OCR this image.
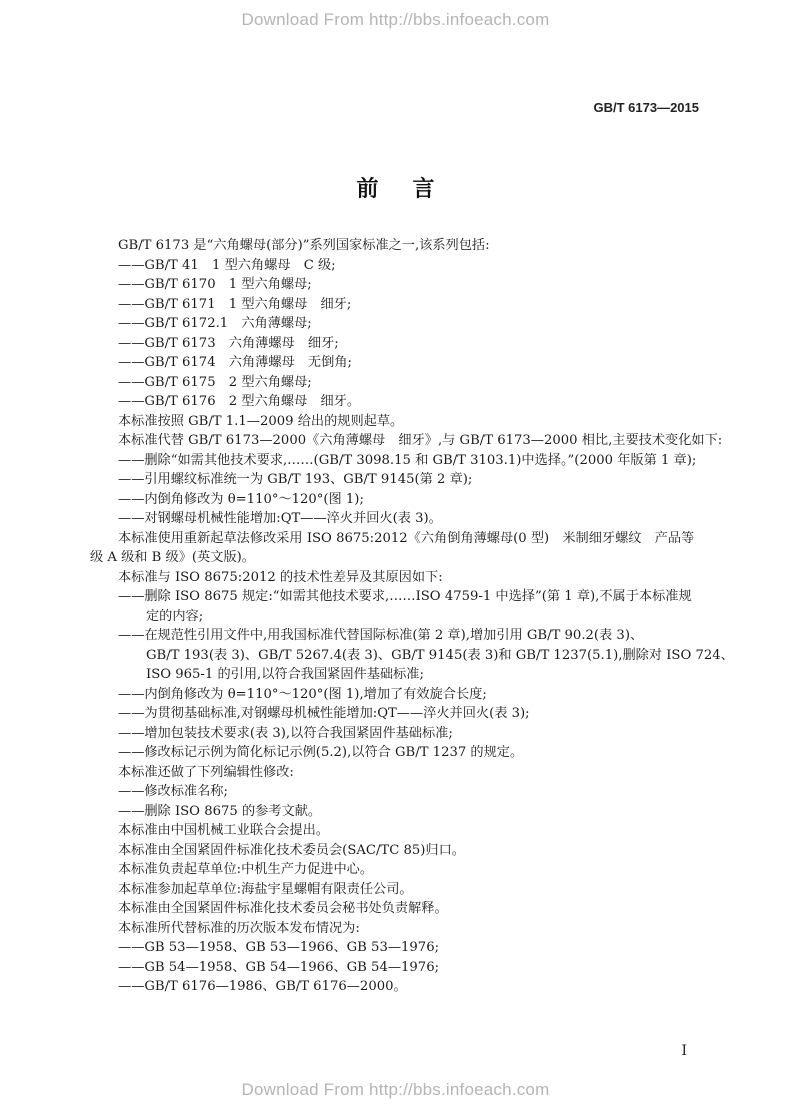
Download From http://bbs.infoeach.com
GB/T 6173—2015
前言
GB/T 6173 是“六角螺母(部分)”系列国家标准之一,该系列包括:
——GB/T 41　1 型六角螺母　C 级;
——GB/T 6170　1 型六角螺母;
——GB/T 6171　1 型六角螺母　细牙;
——GB/T 6172.1　六角薄螺母;
——GB/T 6173　六角薄螺母　细牙;
——GB/T 6174　六角薄螺母　无倒角;
——GB/T 6175　2 型六角螺母;
——GB/T 6176　2 型六角螺母　细牙。
本标准按照 GB/T 1.1—2009 给出的规则起草。
本标准代替 GB/T 6173—2000《六角薄螺母　细牙》,与 GB/T 6173—2000 相比,主要技术变化如下:
——删除“如需其他技术要求,……(GB/T 3098.15 和 GB/T 3103.1)中选择。”(2000 年版第 1 章);
——引用螺纹标准统一为 GB/T 193、GB/T 9145(第 2 章);
——内倒角修改为 θ=110°～120°(图 1);
——对钢螺母机械性能增加:QT——淬火并回火(表 3)。
本标准使用重新起草法修改采用 ISO 8675:2012《六角倒角薄螺母(0 型)　米制细牙螺纹　产品等
级 A 级和 B 级》(英文版)。
本标准与 ISO 8675:2012 的技术性差异及其原因如下:
——删除 ISO 8675 规定:“如需其他技术要求,……ISO 4759-1 中选择”(第 1 章),不属于本标准规
定的内容;
——在规范性引用文件中,用我国标准代替国际标准(第 2 章),增加引用 GB/T 90.2(表 3)、
GB/T 193(表 3)、GB/T 5267.4(表 3)、GB/T 9145(表 3)和 GB/T 1237(5.1),删除对 ISO 724、
ISO 965-1 的引用,以符合我国紧固件基础标准;
——内倒角修改为 θ=110°～120°(图 1),增加了有效旋合长度;
——为贯彻基础标准,对钢螺母机械性能增加:QT——淬火并回火(表 3);
——增加包装技术要求(表 3),以符合我国紧固件基础标准;
——修改标记示例为简化标记示例(5.2),以符合 GB/T 1237 的规定。
本标准还做了下列编辑性修改:
——修改标准名称;
——删除 ISO 8675 的参考文献。
本标准由中国机械工业联合会提出。
本标准由全国紧固件标准化技术委员会(SAC/TC 85)归口。
本标准负责起草单位:中机生产力促进中心。
本标准参加起草单位:海盐宇星螺帽有限责任公司。
本标准由全国紧固件标准化技术委员会秘书处负责解释。
本标准所代替标准的历次版本发布情况为:
——GB 53—1958、GB 53—1966、GB 53—1976;
——GB 54—1958、GB 54—1966、GB 54—1976;
——GB/T 6176—1986、GB/T 6176—2000。
I
Download From http://bbs.infoeach.com
